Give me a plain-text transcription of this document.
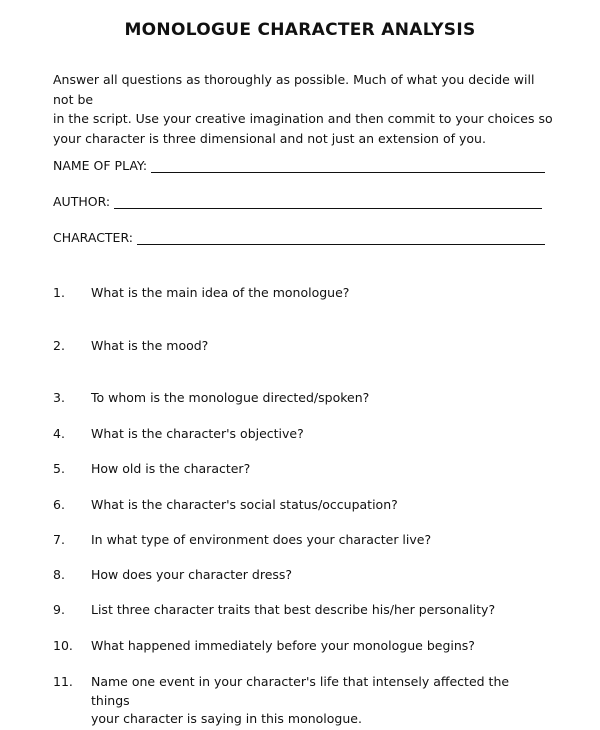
MONOLOGUE CHARACTER ANALYSIS
Answer all questions as thoroughly as possible. Much of what you decide will not be
in the script. Use your creative imagination and then commit to your choices so
your character is three dimensional and not just an extension of you.
NAME OF PLAY:
AUTHOR:
CHARACTER:
1. What is the main idea of the monologue?
2. What is the mood?
3. To whom is the monologue directed/spoken?
4. What is the character's objective?
5. How old is the character?
6. What is the character's social status/occupation?
7. In what type of environment does your character live?
8. How does your character dress?
9. List three character traits that best describe his/her personality?
10. What happened immediately before your monologue begins?
11. Name one event in your character's life that intensely affected the things
your character is saying in this monologue.
